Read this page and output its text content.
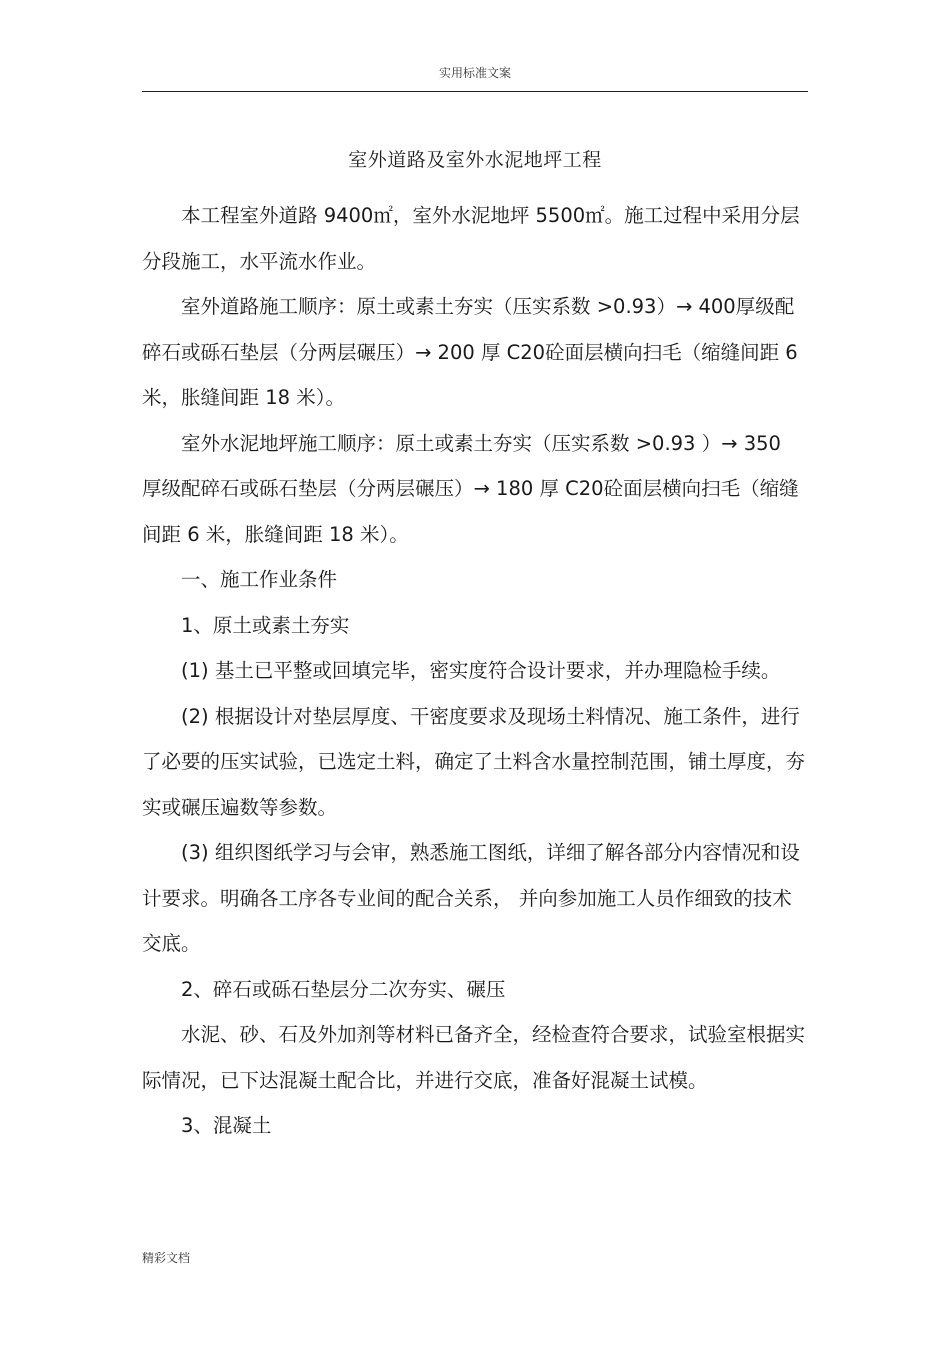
实用标准文案
室外道路及室外水泥地坪工程

本工程室外道路 9400㎡，室外水泥地坪 5500㎡。施工过程中采用分层分段施工，水平流水作业。

室外道路施工顺序：原土或素土夯实（压实系数 >0.93）→ 400厚级配碎石或砾石垫层（分两层碾压）→ 200 厚 C20砼面层横向扫毛（缩缝间距 6 米，胀缝间距 18 米）。

室外水泥地坪施工顺序：原土或素土夯实（压实系数 >0.93 ）→ 350 厚级配碎石或砾石垫层（分两层碾压）→ 180 厚 C20砼面层横向扫毛（缩缝间距 6 米，胀缝间距 18 米）。

一、施工作业条件

1、原土或素土夯实

(1) 基土已平整或回填完毕，密实度符合设计要求，并办理隐检手续。

(2) 根据设计对垫层厚度、干密度要求及现场土料情况、施工条件，进行了必要的压实试验，已选定土料，确定了土料含水量控制范围，铺土厚度，夯实或碾压遍数等参数。

(3) 组织图纸学习与会审，熟悉施工图纸，详细了解各部分内容情况和设计要求。明确各工序各专业间的配合关系， 并向参加施工人员作细致的技术交底。

2、碎石或砾石垫层分二次夯实、碾压

水泥、砂、石及外加剂等材料已备齐全，经检查符合要求，试验室根据实际情况，已下达混凝土配合比，并进行交底，准备好混凝土试模。

3、混凝土

精彩文档
